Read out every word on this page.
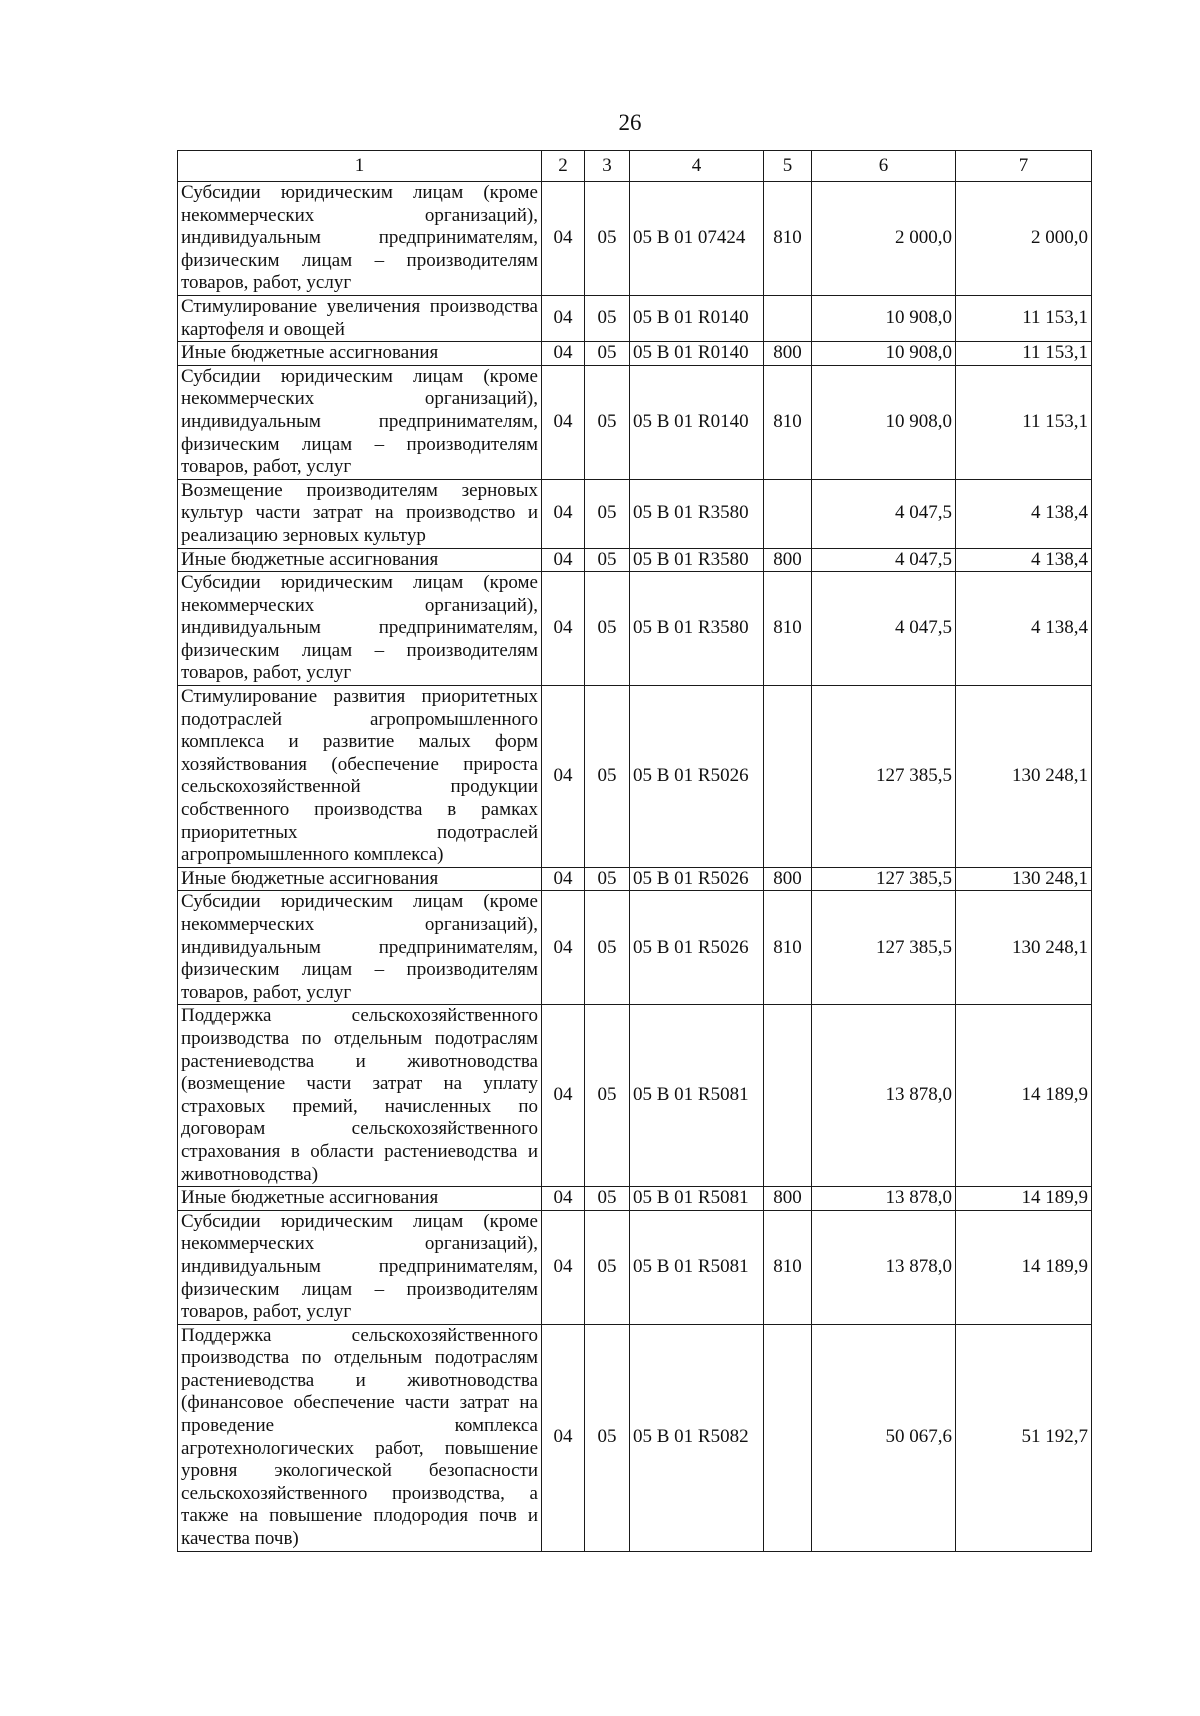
26
1	2	3	4	5	6	7
Субсидии юридическим лицам (кроме некоммерческих организаций), индивидуальным предпринимателям, физическим лицам – производителям товаров, работ, услуг	04	05	05 В 01 07424	810	2 000,0	2 000,0
Стимулирование увеличения производства картофеля и овощей	04	05	05 В 01 R0140		10 908,0	11 153,1
Иные бюджетные ассигнования	04	05	05 В 01 R0140	800	10 908,0	11 153,1
Субсидии юридическим лицам (кроме некоммерческих организаций), индивидуальным предпринимателям, физическим лицам – производителям товаров, работ, услуг	04	05	05 В 01 R0140	810	10 908,0	11 153,1
Возмещение производителям зерновых культур части затрат на производство и реализацию зерновых культур	04	05	05 В 01 R3580		4 047,5	4 138,4
Иные бюджетные ассигнования	04	05	05 В 01 R3580	800	4 047,5	4 138,4
Субсидии юридическим лицам (кроме некоммерческих организаций), индивидуальным предпринимателям, физическим лицам – производителям товаров, работ, услуг	04	05	05 В 01 R3580	810	4 047,5	4 138,4
Стимулирование развития приоритетных подотраслей агропромышленного комплекса и развитие малых форм хозяйствования (обеспечение прироста сельскохозяйственной продукции собственного производства в рамках приоритетных подотраслей агропромышленного комплекса)	04	05	05 В 01 R5026		127 385,5	130 248,1
Иные бюджетные ассигнования	04	05	05 В 01 R5026	800	127 385,5	130 248,1
Субсидии юридическим лицам (кроме некоммерческих организаций), индивидуальным предпринимателям, физическим лицам – производителям товаров, работ, услуг	04	05	05 В 01 R5026	810	127 385,5	130 248,1
Поддержка сельскохозяйственного производства по отдельным подотраслям растениеводства и животноводства (возмещение части затрат на уплату страховых премий, начисленных по договорам сельскохозяйственного страхования в области растениеводства и животноводства)	04	05	05 В 01 R5081		13 878,0	14 189,9
Иные бюджетные ассигнования	04	05	05 В 01 R5081	800	13 878,0	14 189,9
Субсидии юридическим лицам (кроме некоммерческих организаций), индивидуальным предпринимателям, физическим лицам – производителям товаров, работ, услуг	04	05	05 В 01 R5081	810	13 878,0	14 189,9
Поддержка сельскохозяйственного производства по отдельным подотраслям растениеводства и животноводства (финансовое обеспечение части затрат на проведение комплекса агротехнологических работ, повышение уровня экологической безопасности сельскохозяйственного производства, а также на повышение плодородия почв и качества почв)	04	05	05 В 01 R5082		50 067,6	51 192,7
